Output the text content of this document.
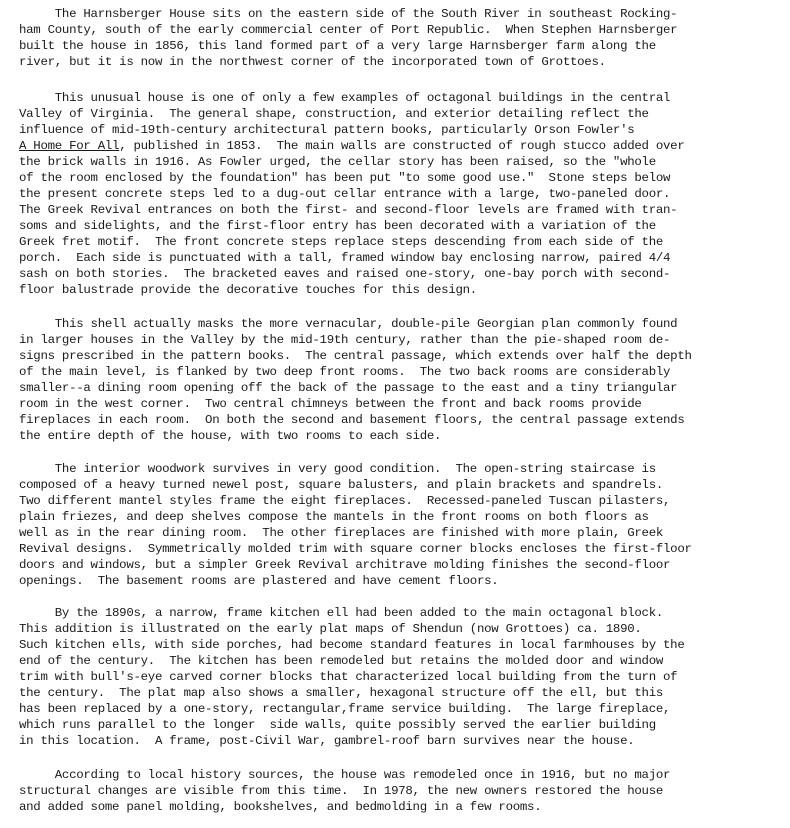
The Harnsberger House sits on the eastern side of the South River in southeast Rocking-
ham County, south of the early commercial center of Port Republic.  When Stephen Harnsberger
built the house in 1856, this land formed part of a very large Harnsberger farm along the
river, but it is now in the northwest corner of the incorporated town of Grottoes.
This unusual house is one of only a few examples of octagonal buildings in the central
Valley of Virginia.  The general shape, construction, and exterior detailing reflect the
influence of mid-19th-century architectural pattern books, particularly Orson Fowler's
A Home For All, published in 1853.  The main walls are constructed of rough stucco added over
the brick walls in 1916. As Fowler urged, the cellar story has been raised, so the "whole
of the room enclosed by the foundation" has been put "to some good use."  Stone steps below
the present concrete steps led to a dug-out cellar entrance with a large, two-paneled door.
The Greek Revival entrances on both the first- and second-floor levels are framed with tran-
soms and sidelights, and the first-floor entry has been decorated with a variation of the
Greek fret motif.  The front concrete steps replace steps descending from each side of the
porch.  Each side is punctuated with a tall, framed window bay enclosing narrow, paired 4/4
sash on both stories.  The bracketed eaves and raised one-story, one-bay porch with second-
floor balustrade provide the decorative touches for this design.
This shell actually masks the more vernacular, double-pile Georgian plan commonly found
in larger houses in the Valley by the mid-19th century, rather than the pie-shaped room de-
signs prescribed in the pattern books.  The central passage, which extends over half the depth
of the main level, is flanked by two deep front rooms.  The two back rooms are considerably
smaller--a dining room opening off the back of the passage to the east and a tiny triangular
room in the west corner.  Two central chimneys between the front and back rooms provide
fireplaces in each room.  On both the second and basement floors, the central passage extends
the entire depth of the house, with two rooms to each side.
The interior woodwork survives in very good condition.  The open-string staircase is
composed of a heavy turned newel post, square balusters, and plain brackets and spandrels.
Two different mantel styles frame the eight fireplaces.  Recessed-paneled Tuscan pilasters,
plain friezes, and deep shelves compose the mantels in the front rooms on both floors as
well as in the rear dining room.  The other fireplaces are finished with more plain, Greek
Revival designs.  Symmetrically molded trim with square corner blocks encloses the first-floor
doors and windows, but a simpler Greek Revival architrave molding finishes the second-floor
openings.  The basement rooms are plastered and have cement floors.
By the 1890s, a narrow, frame kitchen ell had been added to the main octagonal block.
This addition is illustrated on the early plat maps of Shendun (now Grottoes) ca. 1890.
Such kitchen ells, with side porches, had become standard features in local farmhouses by the
end of the century.  The kitchen has been remodeled but retains the molded door and window
trim with bull's-eye carved corner blocks that characterized local building from the turn of
the century.  The plat map also shows a smaller, hexagonal structure off the ell, but this
has been replaced by a one-story, rectangular,frame service building.  The large fireplace,
which runs parallel to the longer  side walls, quite possibly served the earlier building
in this location.  A frame, post-Civil War, gambrel-roof barn survives near the house.
According to local history sources, the house was remodeled once in 1916, but no major
structural changes are visible from this time.  In 1978, the new owners restored the house
and added some panel molding, bookshelves, and bedmolding in a few rooms.
